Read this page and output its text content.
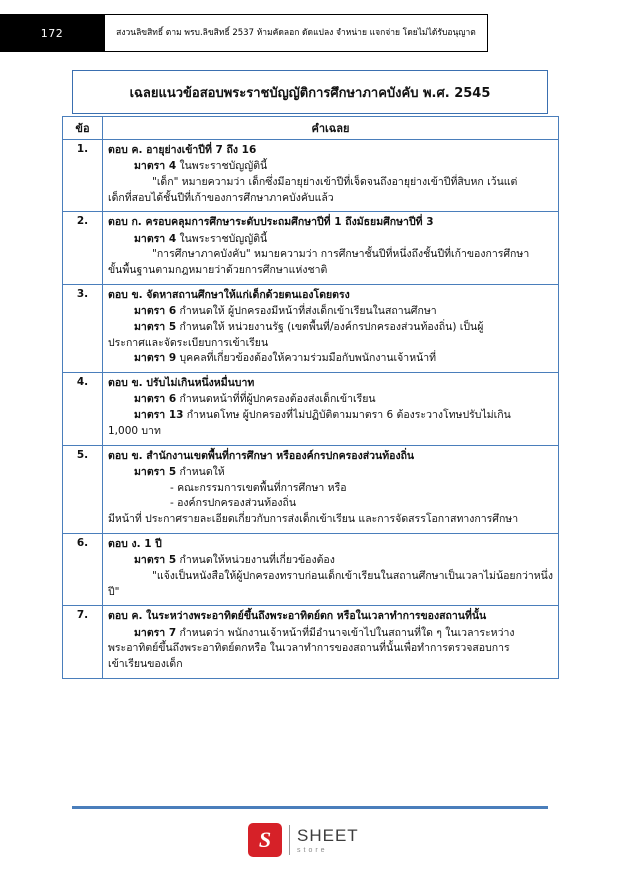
172	สงวนลิขสิทธิ์ ตาม พรบ.ลิขสิทธิ์ 2537 ห้ามคัดลอก ดัดแปลง จำหน่าย แจกจ่าย โดยไม่ได้รับอนุญาต
เฉลยแนวข้อสอบพระราชบัญญัติการศึกษาภาคบังคับ พ.ศ. 2545
ข้อ	คำเฉลย
1.	ตอบ ค. อายุย่างเข้าปีที่ 7 ถึง 16

มาตรา 4 ในพระราชบัญญัตินี้

"เด็ก" หมายความว่า เด็กซึ่งมีอายุย่างเข้าปีที่เจ็ดจนถึงอายุย่างเข้าปีที่สิบหก เว้นแต่

เด็กที่สอบได้ชั้นปีที่เก้าของการศึกษาภาคบังคับแล้ว

2.	ตอบ ก. ครอบคลุมการศึกษาระดับประถมศึกษาปีที่ 1 ถึงมัธยมศึกษาปีที่ 3

มาตรา 4 ในพระราชบัญญัตินี้

"การศึกษาภาคบังคับ" หมายความว่า การศึกษาชั้นปีที่หนึ่งถึงชั้นปีที่เก้าของการศึกษา

ขั้นพื้นฐานตามกฎหมายว่าด้วยการศึกษาแห่งชาติ

3.	ตอบ ข. จัดหาสถานศึกษาให้แก่เด็กด้วยตนเองโดยตรง

มาตรา 6 กำหนดให้ ผู้ปกครองมีหน้าที่ส่งเด็กเข้าเรียนในสถานศึกษา

มาตรา 5 กำหนดให้ หน่วยงานรัฐ (เขตพื้นที่/องค์กรปกครองส่วนท้องถิ่น) เป็นผู้

ประกาศและจัดระเบียบการเข้าเรียน

มาตรา 9 บุคคลที่เกี่ยวข้องต้องให้ความร่วมมือกับพนักงานเจ้าหน้าที่

4.	ตอบ ข. ปรับไม่เกินหนึ่งหมื่นบาท

มาตรา 6 กำหนดหน้าที่ที่ผู้ปกครองต้องส่งเด็กเข้าเรียน

มาตรา 13 กำหนดโทษ ผู้ปกครองที่ไม่ปฏิบัติตามมาตรา 6 ต้องระวางโทษปรับไม่เกิน

1,000 บาท

5.	ตอบ ข. สำนักงานเขตพื้นที่การศึกษา หรือองค์กรปกครองส่วนท้องถิ่น

มาตรา 5 กำหนดให้

- คณะกรรมการเขตพื้นที่การศึกษา หรือ

- องค์กรปกครองส่วนท้องถิ่น

มีหน้าที่ ประกาศรายละเอียดเกี่ยวกับการส่งเด็กเข้าเรียน และการจัดสรรโอกาสทางการศึกษา

6.	ตอบ ง. 1 ปี

มาตรา 5 กำหนดให้หน่วยงานที่เกี่ยวข้องต้อง

"แจ้งเป็นหนังสือให้ผู้ปกครองทราบก่อนเด็กเข้าเรียนในสถานศึกษาเป็นเวลาไม่น้อยกว่าหนึ่ง

ปี"

7.	ตอบ ค. ในระหว่างพระอาทิตย์ขึ้นถึงพระอาทิตย์ตก หรือในเวลาทำการของสถานที่นั้น

มาตรา 7 กำหนดว่า พนักงานเจ้าหน้าที่มีอำนาจเข้าไปในสถานที่ใด ๆ ในเวลาระหว่าง

พระอาทิตย์ขึ้นถึงพระอาทิตย์ตกหรือ ในเวลาทำการของสถานที่นั้นเพื่อทำการตรวจสอบการ

เข้าเรียนของเด็ก

S	SHEET
store
